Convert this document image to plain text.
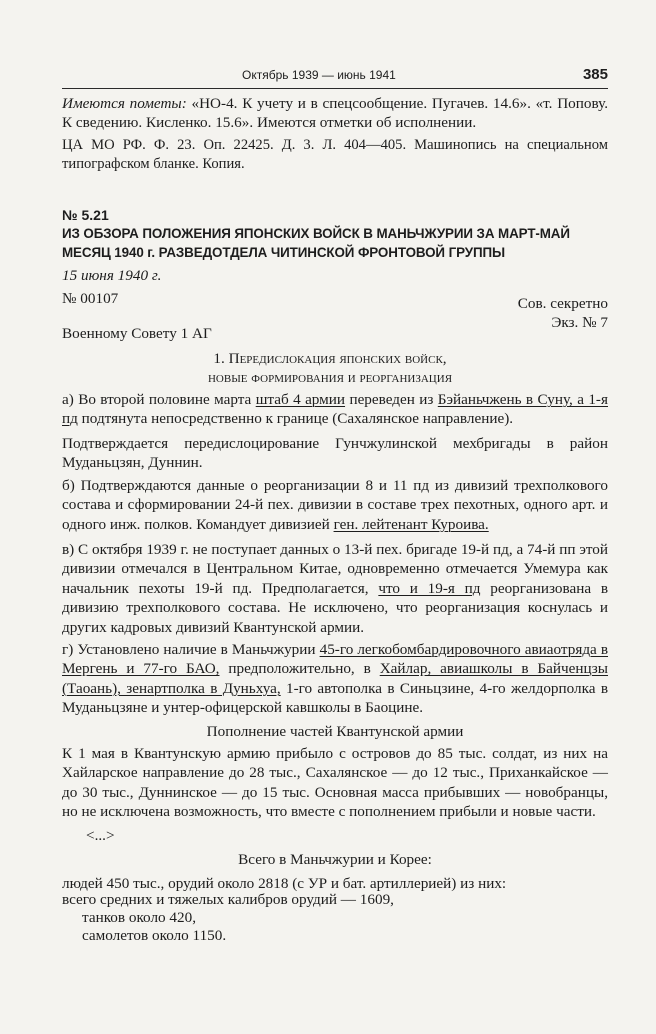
Октябрь 1939 — июнь 1941	385
Имеются пометы: «НО-4. К учету и в спецсообщение. Пугачев. 14.6». «т. Попову. К сведению. Кисленко. 15.6». Имеются отметки об исполнении.
ЦА МО РФ. Ф. 23. Оп. 22425. Д. 3. Л. 404—405. Машинопись на специальном типографском бланке. Копия.
№ 5.21
ИЗ ОБЗОРА ПОЛОЖЕНИЯ ЯПОНСКИХ ВОЙСК В МАНЬЧЖУРИИ ЗА МАРТ-МАЙ МЕСЯЦ 1940 г. РАЗВЕДОТДЕЛА ЧИТИНСКОЙ ФРОНТОВОЙ ГРУППЫ
15 июня 1940 г.
№ 00107	Сов. секретно
Экз. № 7
Военному Совету 1 АГ
1. Передислокация японских войск,
новые формирования и реорганизация
а) Во второй половине марта штаб 4 армии переведен из Бэйаньчжень в Суну, а 1-я пд подтянута непосредственно к границе (Сахалянское направление).
Подтверждается передислоцирование Гунчжулинской мехбригады в район Муданьцзян, Дуннин.
б) Подтверждаются данные о реорганизации 8 и 11 пд из дивизий трехполкового состава и сформировании 24-й пех. дивизии в составе трех пехотных, одного арт. и одного инж. полков. Командует дивизией ген. лейтенант Куроива.
в) С октября 1939 г. не поступает данных о 13-й пех. бригаде 19-й пд, а 74-й пп этой дивизии отмечался в Центральном Китае, одновременно отмечается Умемура как начальник пехоты 19-й пд. Предполагается, что и 19-я пд реорганизована в дивизию трехполкового состава. Не исключено, что реорганизация коснулась и других кадровых дивизий Квантунской армии.
г) Установлено наличие в Маньчжурии 45-го легкобомбардировочного авиаотряда в Мергень и 77-го БАО, предположительно, в Хайлар, авиашколы в Байченцзы (Таоань), зенартполка в Дуньхуа, 1-го автополка в Синьцзине, 4-го желдорполка в Муданьцзяне и унтер-офицерской кавшколы в Баоцине.
Пополнение частей Квантунской армии
К 1 мая в Квантунскую армию прибыло с островов до 85 тыс. солдат, из них на Хайларское направление до 28 тыс., Сахалянское — до 12 тыс., Приханкайское — до 30 тыс., Дуннинское — до 15 тыс. Основная масса прибывших — новобранцы, но не исключена возможность, что вместе с пополнением прибыли и новые части.
<...>
Всего в Маньчжурии и Корее:
людей 450 тыс., орудий около 2818 (с УР и бат. артиллерией) из них:
всего средних и тяжелых калибров орудий — 1609,
танков около 420,
самолетов около 1150.
